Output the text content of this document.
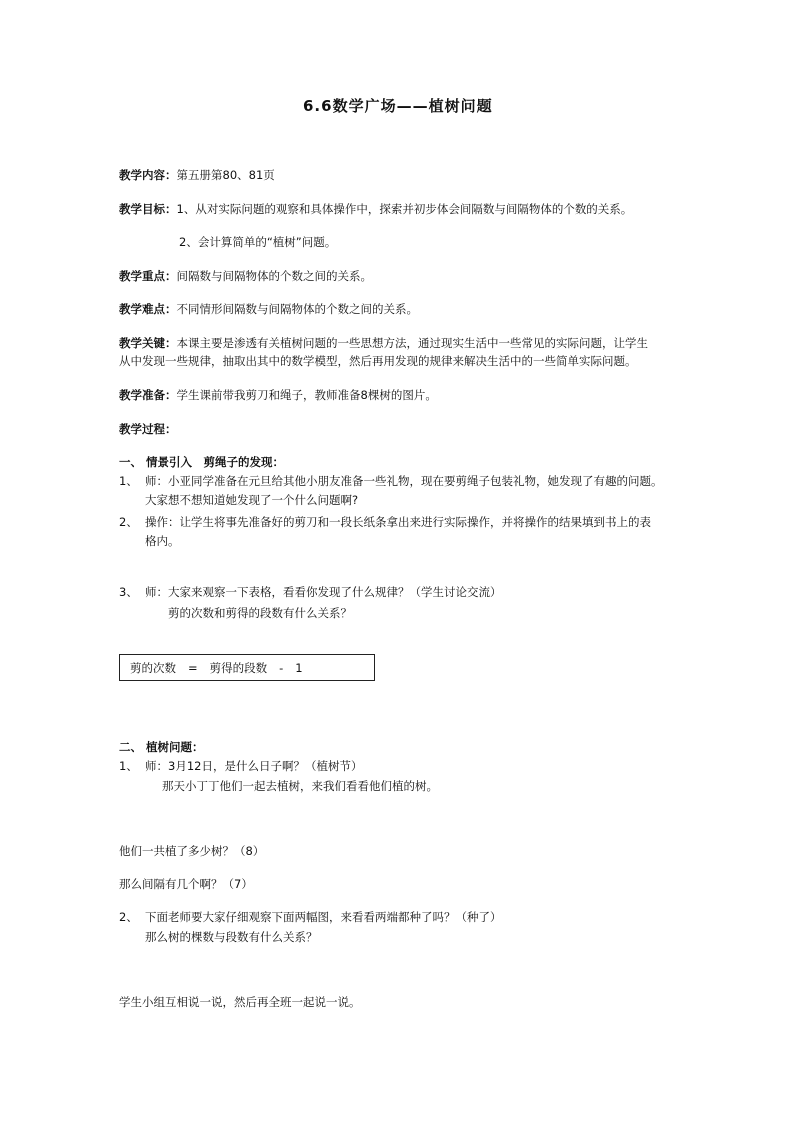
6.6数学广场——植树问题
教学内容：第五册第80、81页
教学目标：1、从对实际问题的观察和具体操作中，探索并初步体会间隔数与间隔物体的个数的关系。
2、会计算简单的“植树”问题。
教学重点：间隔数与间隔物体的个数之间的关系。
教学难点：不同情形间隔数与间隔物体的个数之间的关系。
教学关键：本课主要是渗透有关植树问题的一些思想方法，通过现实生活中一些常见的实际问题，让学生
从中发现一些规律，抽取出其中的数学模型，然后再用发现的规律来解决生活中的一些简单实际问题。
教学准备：学生课前带我剪刀和绳子，教师准备8棵树的图片。
教学过程：
一、 情景引入　剪绳子的发现：
1、 师：小亚同学准备在元旦给其他小朋友准备一些礼物，现在要剪绳子包装礼物，她发现了有趣的问题。
大家想不想知道她发现了一个什么问题啊?
2、 操作：让学生将事先准备好的剪刀和一段长纸条拿出来进行实际操作，并将操作的结果填到书上的表
格内。
3、 师：大家来观察一下表格，看看你发现了什么规律？（学生讨论交流）
剪的次数和剪得的段数有什么关系？
剪的次数 = 剪得的段数 - 1
二、 植树问题：
1、 师：3月12日，是什么日子啊？（植树节）
那天小丁丁他们一起去植树，来我们看看他们植的树。
他们一共植了多少树？（8）
那么间隔有几个啊？（7）
2、 下面老师要大家仔细观察下面两幅图，来看看两端都种了吗？（种了）
那么树的棵数与段数有什么关系？
学生小组互相说一说，然后再全班一起说一说。
